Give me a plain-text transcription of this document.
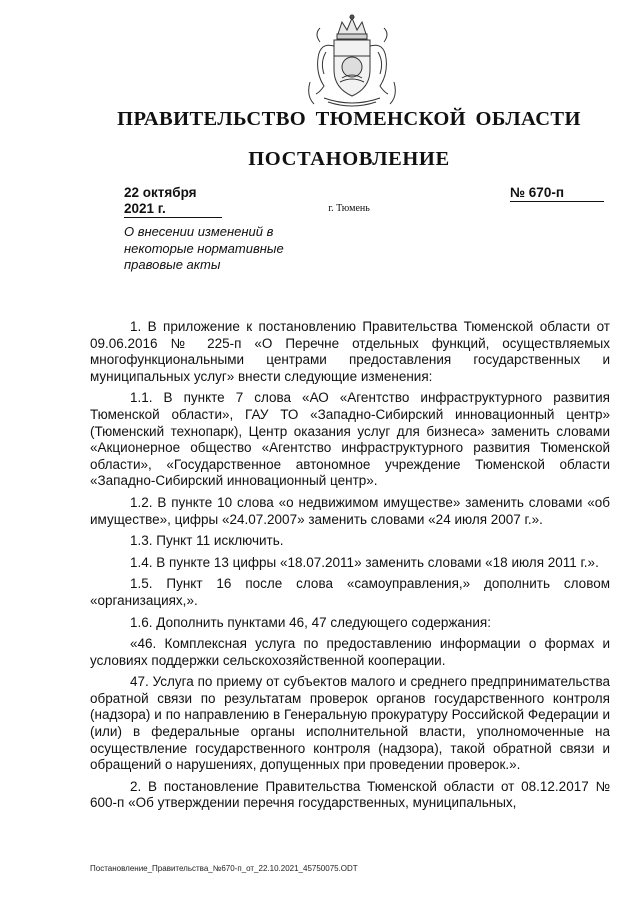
ПРАВИТЕЛЬСТВО ТЮМЕНСКОЙ ОБЛАСТИ
ПОСТАНОВЛЕНИЕ
22 октября 2021 г.
№ 670-п
г. Тюмень

О внесении изменений в некоторые нормативные правовые акты

1. В приложение к постановлению Правительства Тюменской области от 09.06.2016 № 225-п «О Перечне отдельных функций, осуществляемых многофункциональными центрами предоставления государственных и муниципальных услуг» внести следующие изменения:

1.1. В пункте 7 слова «АО «Агентство инфраструктурного развития Тюменской области», ГАУ ТО «Западно-Сибирский инновационный центр» (Тюменский технопарк), Центр оказания услуг для бизнеса» заменить словами «Акционерное общество «Агентство инфраструктурного развития Тюменской области», «Государственное автономное учреждение Тюменской области «Западно-Сибирский инновационный центр».

1.2. В пункте 10 слова «о недвижимом имуществе» заменить словами «об имуществе», цифры «24.07.2007» заменить словами «24 июля 2007 г.».

1.3. Пункт 11 исключить.

1.4. В пункте 13 цифры «18.07.2011» заменить словами «18 июля 2011 г.».

1.5. Пункт 16 после слова «самоуправления,» дополнить словом «организациях,».

1.6. Дополнить пунктами 46, 47 следующего содержания:

«46. Комплексная услуга по предоставлению информации о формах и условиях поддержки сельскохозяйственной кооперации.

47. Услуга по приему от субъектов малого и среднего предпринимательства обратной связи по результатам проверок органов государственного контроля (надзора) и по направлению в Генеральную прокуратуру Российской Федерации и (или) в федеральные органы исполнительной власти, уполномоченные на осуществление государственного контроля (надзора), такой обратной связи и обращений о нарушениях, допущенных при проведении проверок.».

2. В постановление Правительства Тюменской области от 08.12.2017 № 600-п «Об утверждении перечня государственных, муниципальных,

Постановление_Правительства_№670-п_от_22.10.2021_45750075.ODT
